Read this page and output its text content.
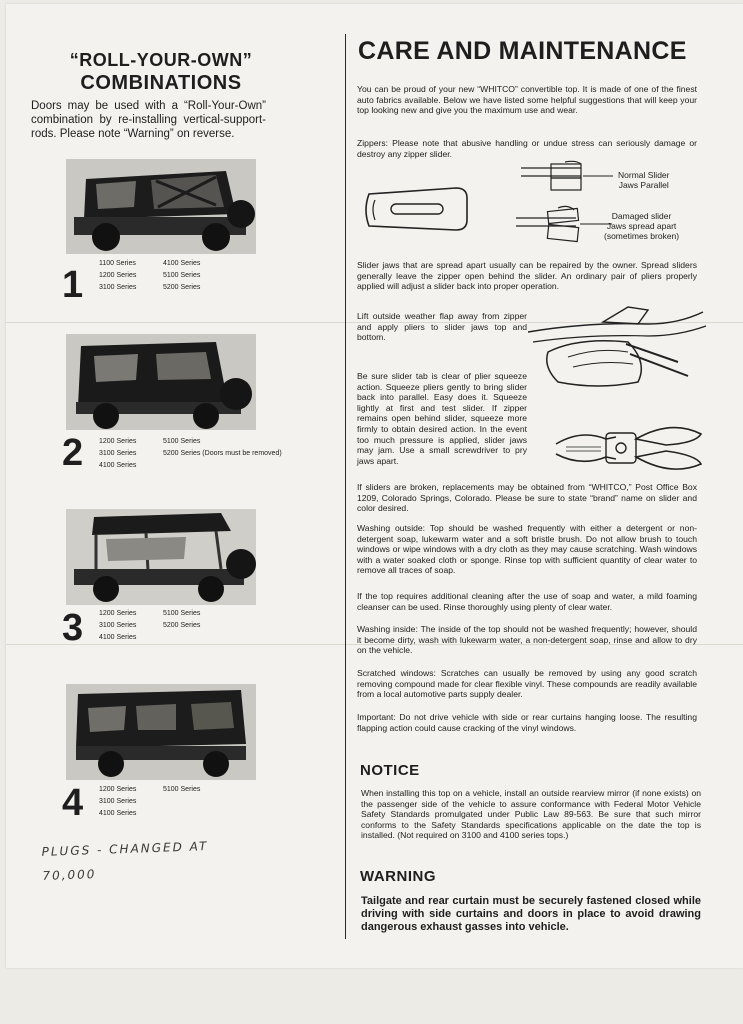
“ROLL-YOUR-OWN”
COMBINATIONS
Doors may be used with a “Roll-Your-Own” combination by re-installing vertical-support-rods. Please note “Warning” on reverse.
1
1100 Series
1200 Series
3100 Series
4100 Series
5100 Series
5200 Series
2 1200 Series
3100 Series
4100 Series
5100 Series
5200 Series (Doors must be removed)
3 1200 Series
3100 Series
4100 Series
5100 Series
5200 Series
4 1200 Series
3100 Series
4100 Series
5100 Series
PLUGS - CHANGED AT
70,000
CARE AND MAINTENANCE
You can be proud of your new “WHITCO” convertible top. It is made of one of the finest auto fabrics available. Below we have listed some helpful suggestions that will keep your top looking new and give you the maximum use and wear.
Zippers: Please note that abusive handling or undue stress can seriously damage or destroy any zipper slider.
Normal Slider
Jaws Parallel
Damaged slider
Jaws spread apart
(sometimes broken)
Slider jaws that are spread apart usually can be repaired by the owner. Spread sliders generally leave the zipper open behind the slider. An ordinary pair of pliers properly applied will adjust a slider back into proper operation.
Lift outside weather flap away from zipper and apply pliers to slider jaws top and bottom.
Be sure slider tab is clear of plier squeeze action. Squeeze pliers gently to bring slider back into parallel. Easy does it. Squeeze lightly at first and test slider. If zipper remains open behind slider, squeeze more firmly to obtain desired action. In the event too much pressure is applied, slider jaws may jam. Use a small screwdriver to pry jaws apart.
If sliders are broken, replacements may be obtained from “WHITCO,” Post Office Box 1209, Colorado Springs, Colorado. Please be sure to state “brand” name on slider and color desired.
Washing outside: Top should be washed frequently with either a detergent or non-detergent soap, lukewarm water and a soft bristle brush. Do not allow brush to touch windows or wipe windows with a dry cloth as they may cause scratching. Wash windows with a water soaked cloth or sponge. Rinse top with sufficient quantity of clear water to remove all traces of soap.
If the top requires additional cleaning after the use of soap and water, a mild foaming cleanser can be used. Rinse thoroughly using plenty of clear water.
Washing inside: The inside of the top should not be washed frequently; however, should it become dirty, wash with lukewarm water, a non-detergent soap, rinse and allow to dry on the vehicle.
Scratched windows: Scratches can usually be removed by using any good scratch removing compound made for clear flexible vinyl. These compounds are readily available from a local automotive parts supply dealer.
Important: Do not drive vehicle with side or rear curtains hanging loose. The resulting flapping action could cause cracking of the vinyl windows.
NOTICE
When installing this top on a vehicle, install an outside rearview mirror (if none exists) on the passenger side of the vehicle to assure conformance with Federal Motor Vehicle Safety Standards promulgated under Public Law 89-563. Be sure that such mirror conforms to the Safety Standards specifications applicable on the date the top is installed. (Not required on 3100 and 4100 series tops.)
WARNING
Tailgate and rear curtain must be securely fastened closed while driving with side curtains and doors in place to avoid drawing dangerous exhaust gasses into vehicle.
